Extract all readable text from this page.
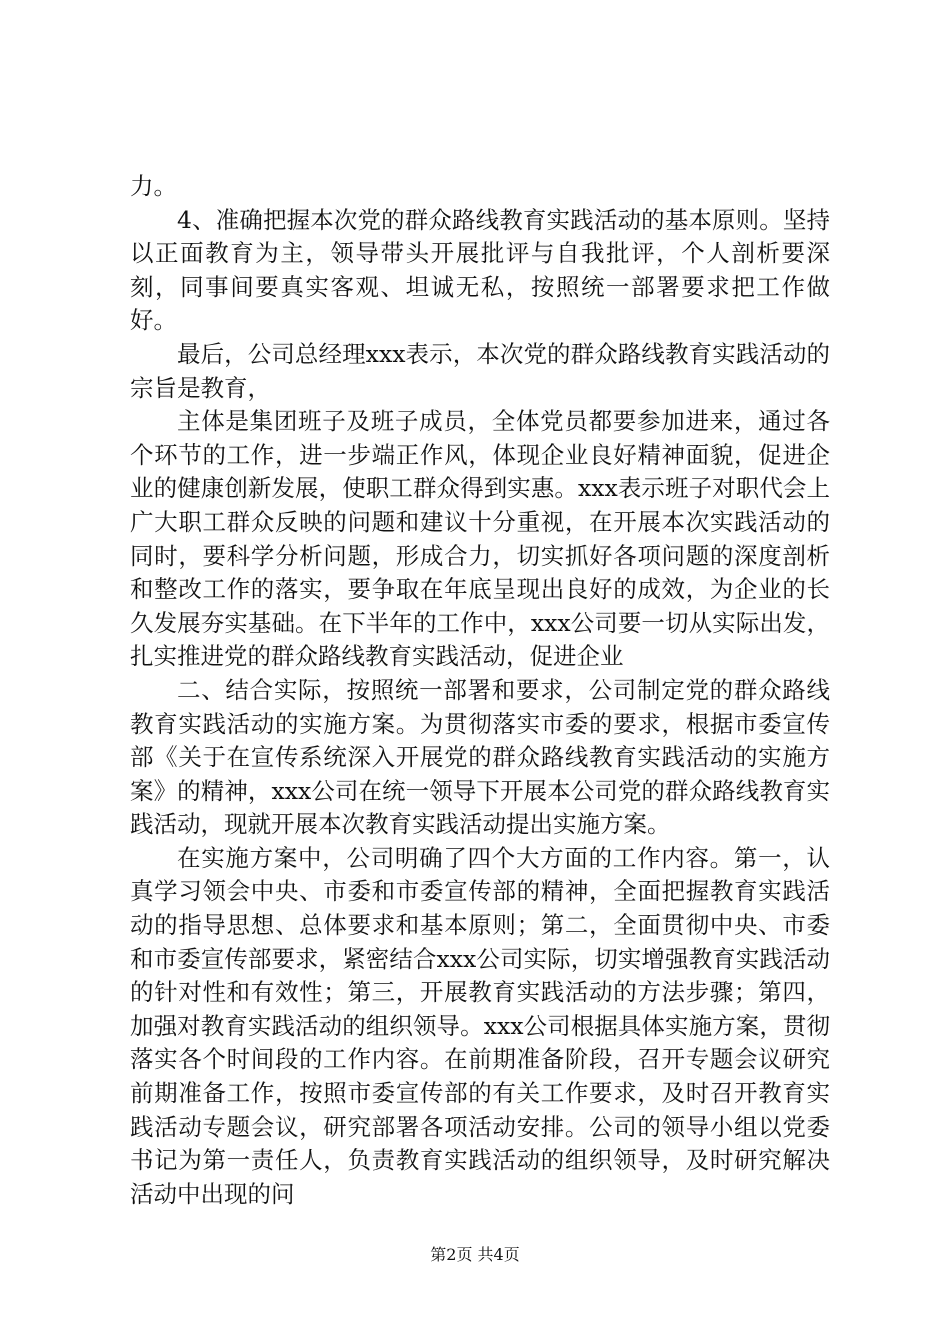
力。

4、准确把握本次党的群众路线教育实践活动的基本原则。坚持以正面教育为主，领导带头开展批评与自我批评，个人剖析要深刻，同事间要真实客观、坦诚无私，按照统一部署要求把工作做好。

最后，公司总经理xxx表示，本次党的群众路线教育实践活动的宗旨是教育，

主体是集团班子及班子成员，全体党员都要参加进来，通过各个环节的工作，进一步端正作风，体现企业良好精神面貌，促进企业的健康创新发展，使职工群众得到实惠。xxx表示班子对职代会上广大职工群众反映的问题和建议十分重视，在开展本次实践活动的同时，要科学分析问题，形成合力，切实抓好各项问题的深度剖析和整改工作的落实，要争取在年底呈现出良好的成效，为企业的长久发展夯实基础。在下半年的工作中，xxx公司要一切从实际出发，扎实推进党的群众路线教育实践活动，促进企业

二、结合实际，按照统一部署和要求，公司制定党的群众路线教育实践活动的实施方案。为贯彻落实市委的要求，根据市委宣传部《关于在宣传系统深入开展党的群众路线教育实践活动的实施方案》的精神，xxx公司在统一领导下开展本公司党的群众路线教育实践活动，现就开展本次教育实践活动提出实施方案。

在实施方案中，公司明确了四个大方面的工作内容。第一，认真学习领会中央、市委和市委宣传部的精神，全面把握教育实践活动的指导思想、总体要求和基本原则；第二，全面贯彻中央、市委和市委宣传部要求，紧密结合xxx公司实际，切实增强教育实践活动的针对性和有效性；第三，开展教育实践活动的方法步骤；第四，加强对教育实践活动的组织领导。xxx公司根据具体实施方案，贯彻落实各个时间段的工作内容。在前期准备阶段，召开专题会议研究前期准备工作，按照市委宣传部的有关工作要求，及时召开教育实践活动专题会议，研究部署各项活动安排。公司的领导小组以党委书记为第一责任人，负责教育实践活动的组织领导，及时研究解决活动中出现的问

第2页 共4页
